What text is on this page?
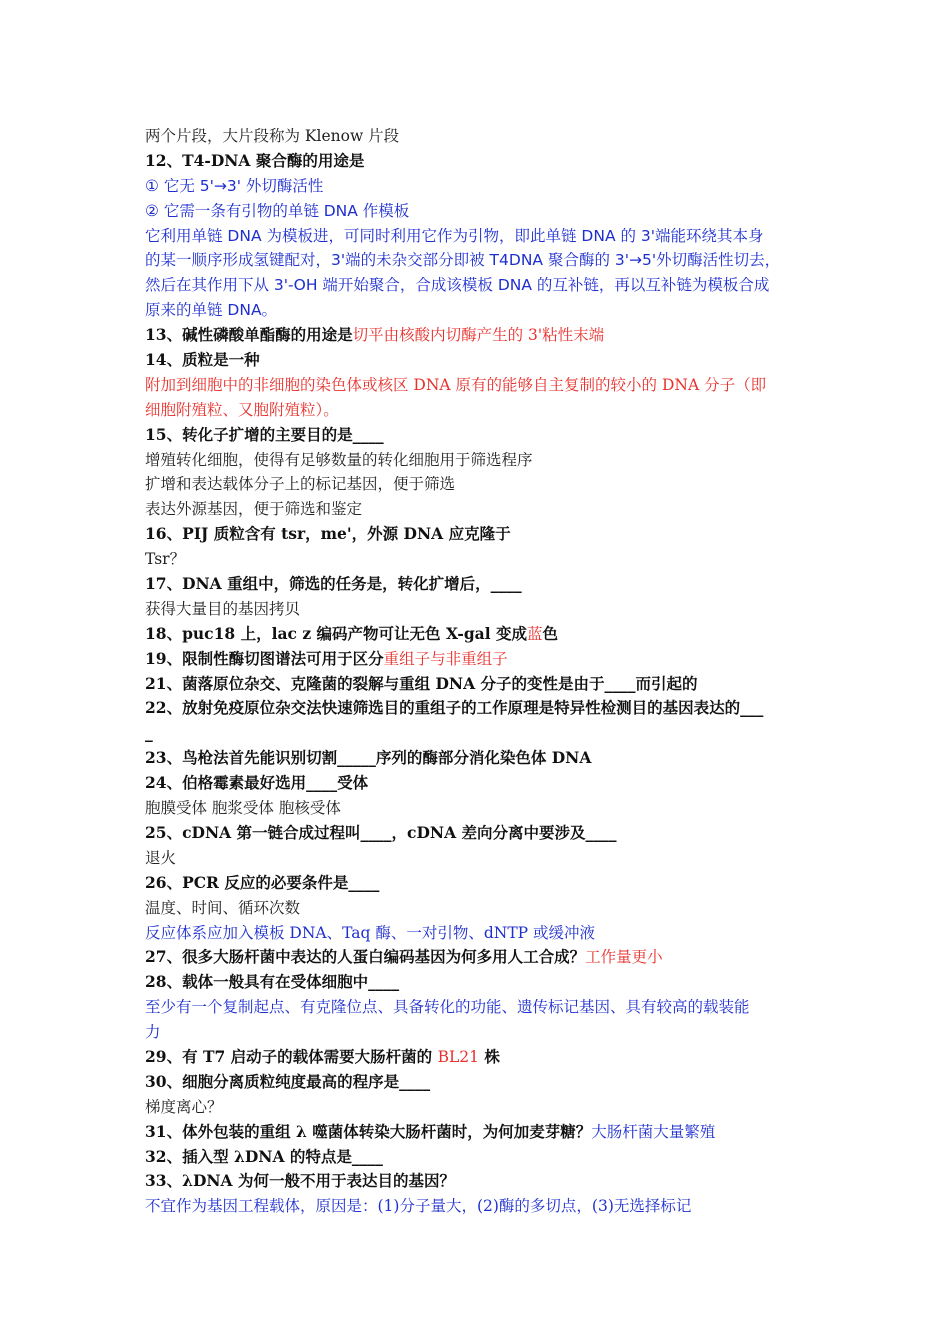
两个片段，大片段称为 Klenow 片段
12、T4-DNA 聚合酶的用途是
① 它无 5'→3' 外切酶活性
② 它需一条有引物的单链 DNA 作模板
它利用单链 DNA 为模板进，可同时利用它作为引物，即此单链 DNA 的 3'端能环绕其本身
的某一顺序形成氢键配对，3'端的未杂交部分即被 T4DNA 聚合酶的 3'→5'外切酶活性切去，
然后在其作用下从 3'-OH 端开始聚合，合成该模板 DNA 的互补链，再以互补链为模板合成
原来的单链 DNA。
13、碱性磷酸单酯酶的用途是切平由核酸内切酶产生的 3'粘性末端
14、质粒是一种
附加到细胞中的非细胞的染色体或核区 DNA 原有的能够自主复制的较小的 DNA 分子（即
细胞附殖粒、又胞附殖粒）。
15、转化子扩增的主要目的是____
增殖转化细胞，使得有足够数量的转化细胞用于筛选程序
扩增和表达载体分子上的标记基因，便于筛选
表达外源基因，便于筛选和鉴定
16、PIJ 质粒含有 tsr，me'，外源 DNA 应克隆于
Tsr？
17、DNA 重组中，筛选的任务是，转化扩增后，____
获得大量目的基因拷贝
18、puc18 上，lac z 编码产物可让无色 X-gal 变成蓝色
19、限制性酶切图谱法可用于区分重组子与非重组子
21、菌落原位杂交、克隆菌的裂解与重组 DNA 分子的变性是由于____而引起的
22、放射免疫原位杂交法快速筛选目的重组子的工作原理是特异性检测目的基因表达的___
_
23、鸟枪法首先能识别切割_____序列的酶部分消化染色体 DNA
24、伯格霉素最好选用____受体
胞膜受体 胞浆受体 胞核受体
25、cDNA 第一链合成过程叫____，cDNA 差向分离中要涉及____
退火
26、PCR 反应的必要条件是____
温度、时间、循环次数
反应体系应加入模板 DNA、Taq 酶、一对引物、dNTP 或缓冲液
27、很多大肠杆菌中表达的人蛋白编码基因为何多用人工合成？工作量更小
28、载体一般具有在受体细胞中____
至少有一个复制起点、有克隆位点、具备转化的功能、遗传标记基因、具有较高的载装能
力
29、有 T7 启动子的载体需要大肠杆菌的 BL21 株
30、细胞分离质粒纯度最高的程序是____
梯度离心？
31、体外包装的重组 λ 噬菌体转染大肠杆菌时，为何加麦芽糖？大肠杆菌大量繁殖
32、插入型 λDNA 的特点是____
33、λDNA 为何一般不用于表达目的基因？
不宜作为基因工程载体，原因是：(1)分子量大，(2)酶的多切点，(3)无选择标记
